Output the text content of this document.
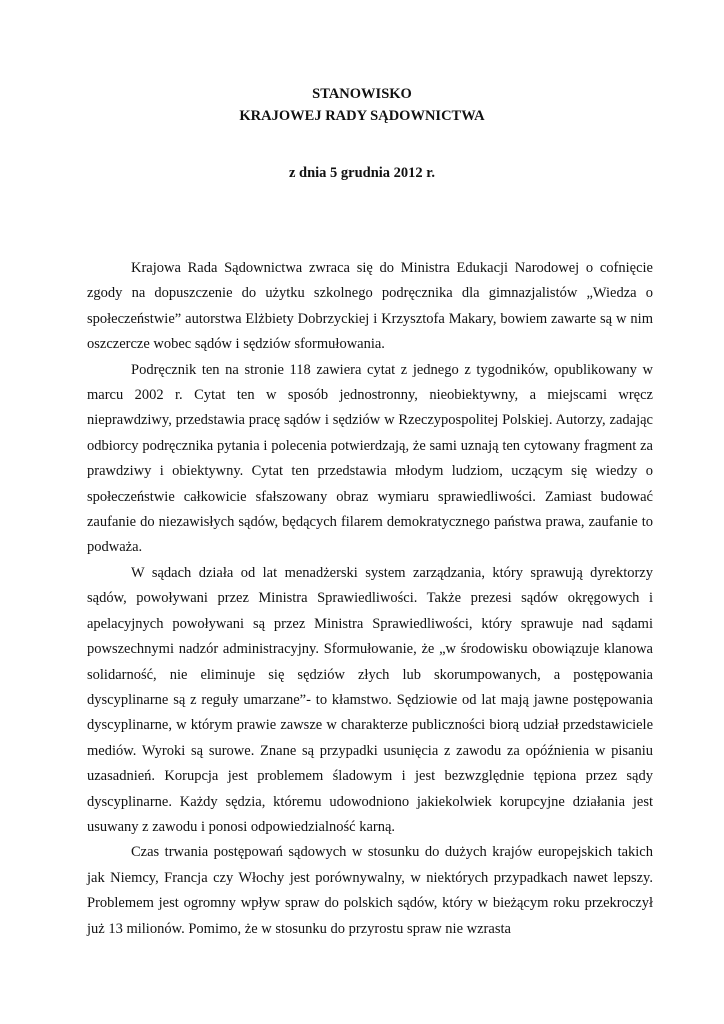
STANOWISKO
KRAJOWEJ RADY SĄDOWNICTWA
z dnia 5 grudnia 2012 r.

Krajowa Rada Sądownictwa zwraca się do Ministra Edukacji Narodowej o cofnięcie zgody na dopuszczenie do użytku szkolnego podręcznika dla gimnazjalistów „Wiedza o społeczeństwie” autorstwa Elżbiety Dobrzyckiej i Krzysztofa Makary, bowiem zawarte są w nim oszczercze wobec sądów i sędziów sformułowania.

Podręcznik ten na stronie 118 zawiera cytat z jednego z tygodników, opublikowany w marcu 2002 r. Cytat ten w sposób jednostronny, nieobiektywny, a miejscami wręcz nieprawdziwy, przedstawia pracę sądów i sędziów w Rzeczypospolitej Polskiej. Autorzy, zadając odbiorcy podręcznika pytania i polecenia potwierdzają, że sami uznają ten cytowany fragment za prawdziwy i obiektywny. Cytat ten przedstawia młodym ludziom, uczącym się wiedzy o społeczeństwie całkowicie sfałszowany obraz wymiaru sprawiedliwości. Zamiast budować zaufanie do niezawisłych sądów, będących filarem demokratycznego państwa prawa, zaufanie to podważa.

W sądach działa od lat menadżerski system zarządzania, który sprawują dyrektorzy sądów, powoływani przez Ministra Sprawiedliwości. Także prezesi sądów okręgowych i apelacyjnych powoływani są przez Ministra Sprawiedliwości, który sprawuje nad sądami powszechnymi nadzór administracyjny. Sformułowanie, że „w środowisku obowiązuje klanowa solidarność, nie eliminuje się sędziów złych lub skorumpowanych, a postępowania dyscyplinarne są z reguły umarzane”- to kłamstwo. Sędziowie od lat mają jawne postępowania dyscyplinarne, w którym prawie zawsze w charakterze publiczności biorą udział przedstawiciele mediów. Wyroki są surowe. Znane są przypadki usunięcia z zawodu za opóźnienia w pisaniu uzasadnień. Korupcja jest problemem śladowym i jest bezwzględnie tępiona przez sądy dyscyplinarne. Każdy sędzia, któremu udowodniono jakiekolwiek korupcyjne działania jest usuwany z zawodu i ponosi odpowiedzialność karną.

Czas trwania postępowań sądowych w stosunku do dużych krajów europejskich takich jak Niemcy, Francja czy Włochy jest porównywalny, w niektórych przypadkach nawet lepszy. Problemem jest ogromny wpływ spraw do polskich sądów, który w bieżącym roku przekroczył już 13 milionów. Pomimo, że w stosunku do przyrostu spraw nie wzrasta
